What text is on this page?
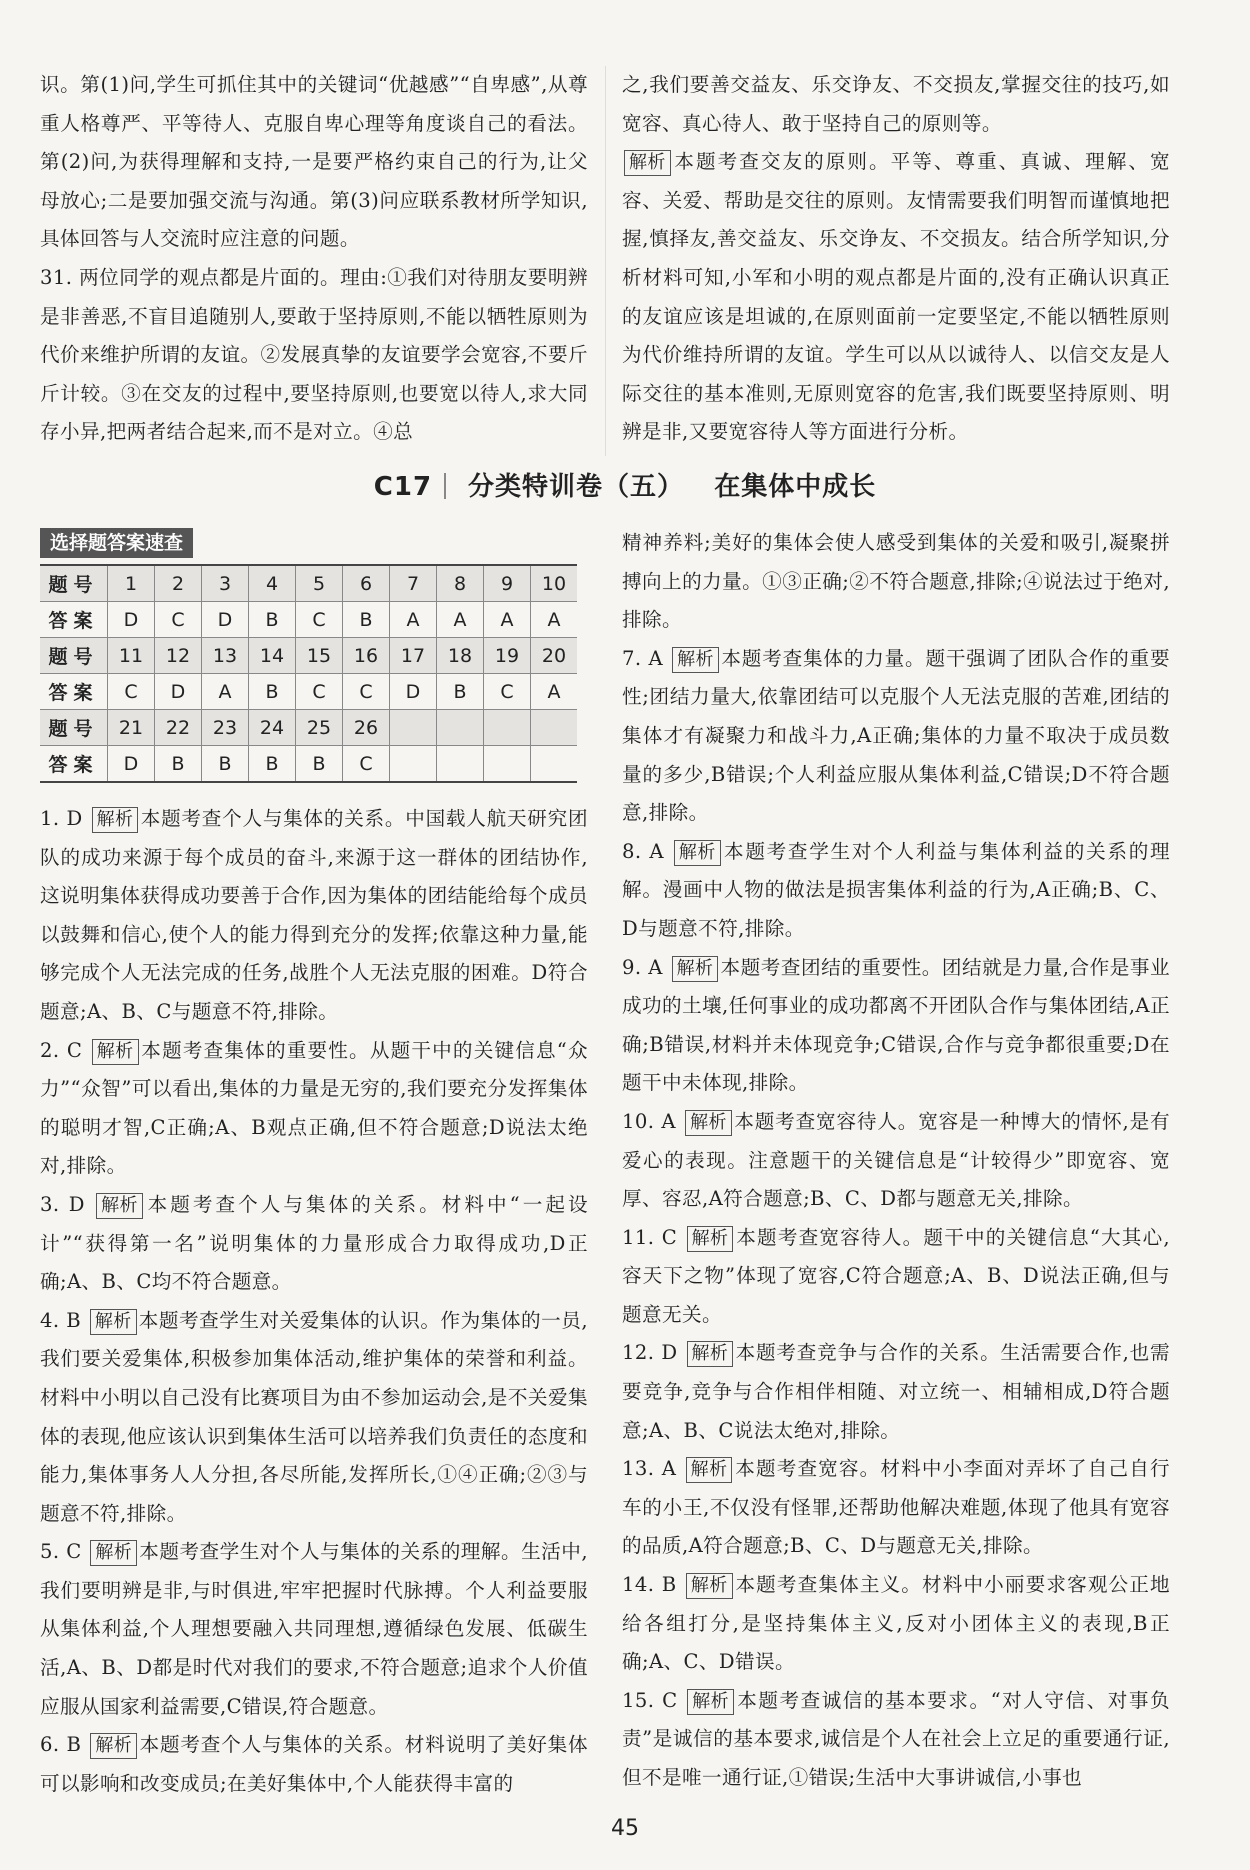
识。第(1)问,学生可抓住其中的关键词“优越感”“自卑感”,从尊重人格尊严、平等待人、克服自卑心理等角度谈自己的看法。第(2)问,为获得理解和支持,一是要严格约束自己的行为,让父母放心;二是要加强交流与沟通。第(3)问应联系教材所学知识,具体回答与人交流时应注意的问题。

31. 两位同学的观点都是片面的。理由:①我们对待朋友要明辨是非善恶,不盲目追随别人,要敢于坚持原则,不能以牺牲原则为代价来维护所谓的友谊。②发展真挚的友谊要学会宽容,不要斤斤计较。③在交友的过程中,要坚持原则,也要宽以待人,求大同存小异,把两者结合起来,而不是对立。④总

之,我们要善交益友、乐交诤友、不交损友,掌握交往的技巧,如宽容、真心待人、敢于坚持自己的原则等。

解析 本题考查交友的原则。平等、尊重、真诚、理解、宽容、关爱、帮助是交往的原则。友情需要我们明智而谨慎地把握,慎择友,善交益友、乐交诤友、不交损友。结合所学知识,分析材料可知,小军和小明的观点都是片面的,没有正确认识真正的友谊应该是坦诚的,在原则面前一定要坚定,不能以牺牲原则为代价维持所谓的友谊。学生可以从以诚待人、以信交友是人际交往的基本准则,无原则宽容的危害,我们既要坚持原则、明辨是非,又要宽容待人等方面进行分析。

C17 分类特训卷（五） 在集体中成长
选择题答案速查
题号	1	2	3	4	5	6	7	8	9	10
答案	D	C	D	B	C	B	A	A	A	A
题号	11	12	13	14	15	16	17	18	19	20
答案	C	D	A	B	C	C	D	B	C	A
题号	21	22	23	24	25	26				
答案	D	B	B	B	B	C				

1. D 解析 本题考查个人与集体的关系。中国载人航天研究团队的成功来源于每个成员的奋斗,来源于这一群体的团结协作,这说明集体获得成功要善于合作,因为集体的团结能给每个成员以鼓舞和信心,使个人的能力得到充分的发挥;依靠这种力量,能够完成个人无法完成的任务,战胜个人无法克服的困难。D符合题意;A、B、C与题意不符,排除。

2. C 解析 本题考查集体的重要性。从题干中的关键信息“众力”“众智”可以看出,集体的力量是无穷的,我们要充分发挥集体的聪明才智,C正确;A、B观点正确,但不符合题意;D说法太绝对,排除。

3. D 解析 本题考查个人与集体的关系。材料中“一起设计”“获得第一名”说明集体的力量形成合力取得成功,D正确;A、B、C均不符合题意。

4. B 解析 本题考查学生对关爱集体的认识。作为集体的一员,我们要关爱集体,积极参加集体活动,维护集体的荣誉和利益。材料中小明以自己没有比赛项目为由不参加运动会,是不关爱集体的表现,他应该认识到集体生活可以培养我们负责任的态度和能力,集体事务人人分担,各尽所能,发挥所长,①④正确;②③与题意不符,排除。

5. C 解析 本题考查学生对个人与集体的关系的理解。生活中,我们要明辨是非,与时俱进,牢牢把握时代脉搏。个人利益要服从集体利益,个人理想要融入共同理想,遵循绿色发展、低碳生活,A、B、D都是时代对我们的要求,不符合题意;追求个人价值应服从国家利益需要,C错误,符合题意。

6. B 解析 本题考查个人与集体的关系。材料说明了美好集体可以影响和改变成员;在美好集体中,个人能获得丰富的

精神养料;美好的集体会使人感受到集体的关爱和吸引,凝聚拼搏向上的力量。①③正确;②不符合题意,排除;④说法过于绝对,排除。

7. A 解析 本题考查集体的力量。题干强调了团队合作的重要性;团结力量大,依靠团结可以克服个人无法克服的苦难,团结的集体才有凝聚力和战斗力,A正确;集体的力量不取决于成员数量的多少,B错误;个人利益应服从集体利益,C错误;D不符合题意,排除。

8. A 解析 本题考查学生对个人利益与集体利益的关系的理解。漫画中人物的做法是损害集体利益的行为,A正确;B、C、D与题意不符,排除。

9. A 解析 本题考查团结的重要性。团结就是力量,合作是事业成功的土壤,任何事业的成功都离不开团队合作与集体团结,A正确;B错误,材料并未体现竞争;C错误,合作与竞争都很重要;D在题干中未体现,排除。

10. A 解析 本题考查宽容待人。宽容是一种博大的情怀,是有爱心的表现。注意题干的关键信息是“计较得少”即宽容、宽厚、容忍,A符合题意;B、C、D都与题意无关,排除。

11. C 解析 本题考查宽容待人。题干中的关键信息“大其心,容天下之物”体现了宽容,C符合题意;A、B、D说法正确,但与题意无关。

12. D 解析 本题考查竞争与合作的关系。生活需要合作,也需要竞争,竞争与合作相伴相随、对立统一、相辅相成,D符合题意;A、B、C说法太绝对,排除。

13. A 解析 本题考查宽容。材料中小李面对弄坏了自己自行车的小王,不仅没有怪罪,还帮助他解决难题,体现了他具有宽容的品质,A符合题意;B、C、D与题意无关,排除。

14. B 解析 本题考查集体主义。材料中小丽要求客观公正地给各组打分,是坚持集体主义,反对小团体主义的表现,B正确;A、C、D错误。

15. C 解析 本题考查诚信的基本要求。“对人守信、对事负责”是诚信的基本要求,诚信是个人在社会上立足的重要通行证,但不是唯一通行证,①错误;生活中大事讲诚信,小事也

45
